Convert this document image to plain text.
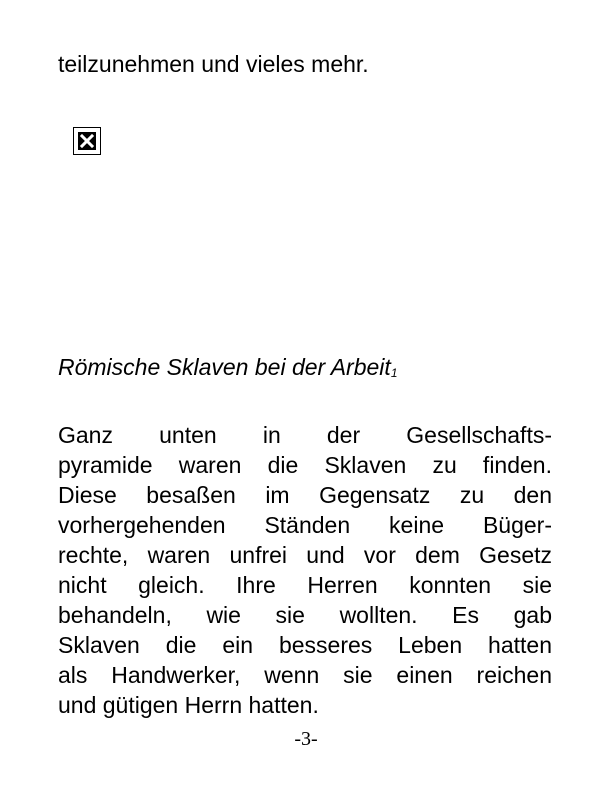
teilzunehmen und vieles mehr.
Römische Sklaven bei der Arbeit$^1$
Ganz unten in der Gesellschafts-
pyramide waren die Sklaven zu finden.
Diese besaßen im Gegensatz zu den
vorhergehenden Ständen keine Büger-
rechte, waren unfrei und vor dem Gesetz
nicht gleich. Ihre Herren konnten sie
behandeln, wie sie wollten. Es gab
Sklaven die ein besseres Leben hatten
als Handwerker, wenn sie einen reichen
und gütigen Herrn hatten.
-3-
